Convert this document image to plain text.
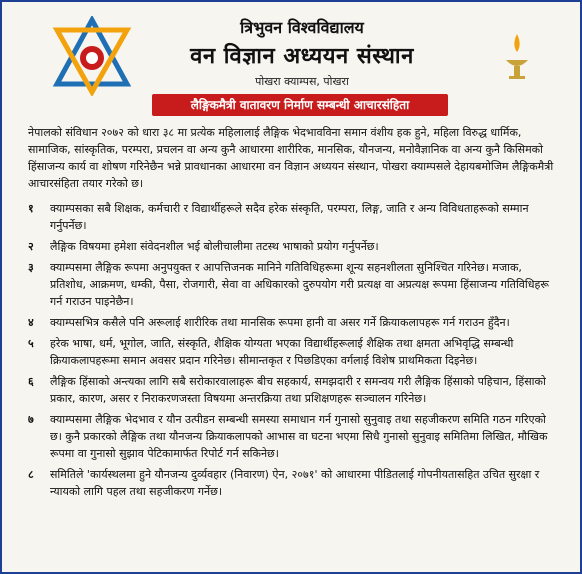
त्रिभुवन विश्वविद्यालय
वन विज्ञान अध्ययन संस्थान
पोखरा क्याम्पस, पोखरा
लैङ्गिकमैत्री वातावरण निर्माण सम्बन्धी आचारसंहिता
नेपालको संविधान २०७२ को धारा ३८ मा प्रत्येक महिलालाई लैङ्गिक भेदभावविना समान वंशीय हक हुने, महिला विरुद्ध धार्मिक, सामाजिक, सांस्कृतिक, परम्परा, प्रचलन वा अन्य कुनै आधारमा शारीरिक, मानसिक, यौनजन्य, मनोवैज्ञानिक वा अन्य कुनै किसिमको हिंसाजन्य कार्य वा शोषण गरिनेछैन भन्ने प्रावधानका आधारमा वन विज्ञान अध्ययन संस्थान, पोखरा क्याम्पसले देहायबमोजिम लैङ्गिकमैत्री आचारसंहिता तयार गरेको छ।
१	क्याम्पसका सबै शिक्षक, कर्मचारी र विद्यार्थीहरूले सदैव हरेक संस्कृति, परम्परा, लिङ्ग, जाति र अन्य विविधताहरूको सम्मान गर्नुपर्नेछ।
२	लैङ्गिक विषयमा हमेशा संवेदनशील भई बोलीचालीमा तटस्थ भाषाको प्रयोग गर्नुपर्नेछ।
३	क्याम्पसमा लैङ्गिक रूपमा अनुपयुक्त र आपत्तिजनक मानिने गतिविधिहरूमा शून्य सहनशीलता सुनिश्चित गरिनेछ। मजाक, प्रतिशोध, आक्रमण, धम्की, पैसा, रोजगारी, सेवा वा अधिकारको दुरुपयोग गरी प्रत्यक्ष वा अप्रत्यक्ष रूपमा हिंसाजन्य गतिविधिहरू गर्न गराउन पाइनेछैन।
४	क्याम्पसभित्र कसैले पनि अरूलाई शारीरिक तथा मानसिक रूपमा हानी वा असर गर्ने क्रियाकलापहरू गर्न गराउन हुँदैन।
५	हरेक भाषा, धर्म, भूगोल, जाति, संस्कृति, शैक्षिक योग्यता भएका विद्यार्थीहरूलाई शैक्षिक तथा क्षमता अभिवृद्धि सम्बन्धी क्रियाकलापहरूमा समान अवसर प्रदान गरिनेछ। सीमान्तकृत र पिछडिएका वर्गलाई विशेष प्राथमिकता दिइनेछ।
६	लैङ्गिक हिंसाको अन्त्यका लागि सबै सरोकारवालाहरू बीच सहकार्य, समझदारी र समन्वय गरी लैङ्गिक हिंसाको पहिचान, हिंसाको प्रकार, कारण, असर र निराकरणजस्ता विषयमा अन्तरक्रिया तथा प्रशिक्षणहरू सञ्चालन गरिनेछ।
७	क्याम्पसमा लैङ्गिक भेदभाव र यौन उत्पीडन सम्बन्धी समस्या समाधान गर्न गुनासो सुनुवाइ तथा सहजीकरण समिति गठन गरिएको छ। कुनै प्रकारको लैङ्गिक तथा यौनजन्य क्रियाकलापको आभास वा घटना भएमा सिधै गुनासो सुनुवाइ समितिमा लिखित, मौखिक रूपमा वा गुनासो सुझाव पेटिकामार्फत रिपोर्ट गर्न सकिनेछ।
८	समितिले 'कार्यस्थलमा हुने यौनजन्य दुर्व्यवहार (निवारण) ऐन, २०७१' को आधारमा पीडितलाई गोपनीयतासहित उचित सुरक्षा र न्यायको लागि पहल तथा सहजीकरण गर्नेछ।
